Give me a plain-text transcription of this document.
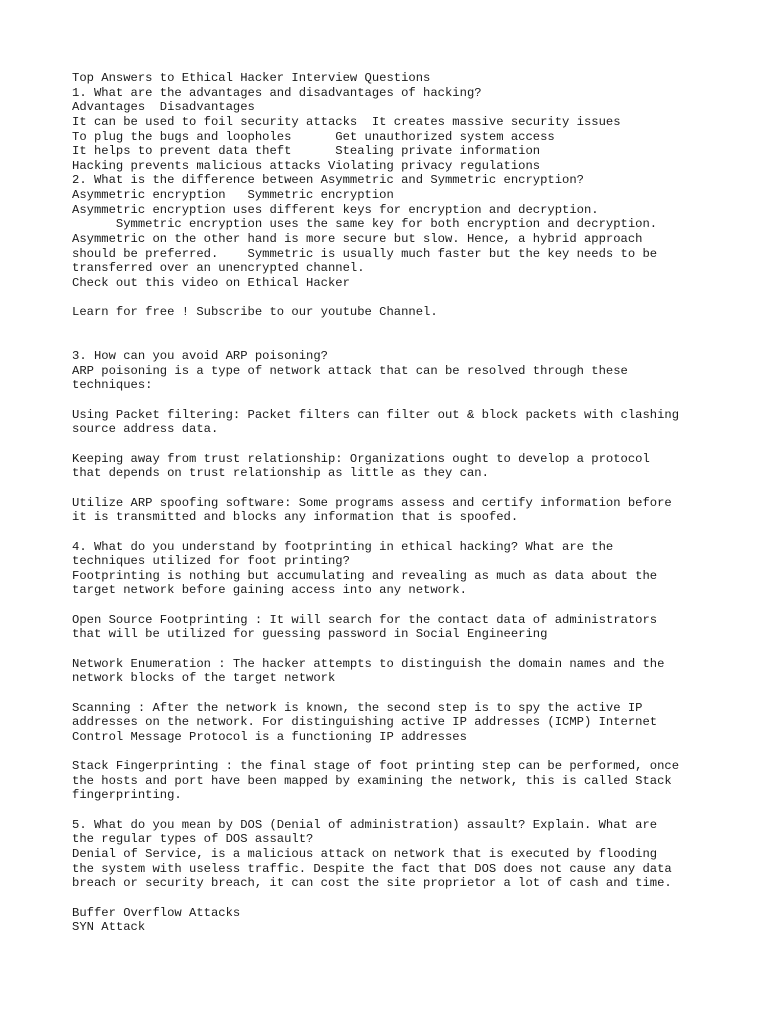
Top Answers to Ethical Hacker Interview Questions
1. What are the advantages and disadvantages of hacking?
Advantages  Disadvantages
It can be used to foil security attacks  It creates massive security issues
To plug the bugs and loopholes      Get unauthorized system access
It helps to prevent data theft      Stealing private information
Hacking prevents malicious attacks Violating privacy regulations
2. What is the difference between Asymmetric and Symmetric encryption?
Asymmetric encryption   Symmetric encryption
Asymmetric encryption uses different keys for encryption and decryption.
Symmetric encryption uses the same key for both encryption and decryption.
Asymmetric on the other hand is more secure but slow. Hence, a hybrid approach
should be preferred.    Symmetric is usually much faster but the key needs to be
transferred over an unencrypted channel.
Check out this video on Ethical Hacker
Learn for free ! Subscribe to our youtube Channel.
3. How can you avoid ARP poisoning?
ARP poisoning is a type of network attack that can be resolved through these
techniques:
Using Packet filtering: Packet filters can filter out & block packets with clashing
source address data.
Keeping away from trust relationship: Organizations ought to develop a protocol
that depends on trust relationship as little as they can.
Utilize ARP spoofing software: Some programs assess and certify information before
it is transmitted and blocks any information that is spoofed.
4. What do you understand by footprinting in ethical hacking? What are the
techniques utilized for foot printing?
Footprinting is nothing but accumulating and revealing as much as data about the
target network before gaining access into any network.
Open Source Footprinting : It will search for the contact data of administrators
that will be utilized for guessing password in Social Engineering
Network Enumeration : The hacker attempts to distinguish the domain names and the
network blocks of the target network
Scanning : After the network is known, the second step is to spy the active IP
addresses on the network. For distinguishing active IP addresses (ICMP) Internet
Control Message Protocol is a functioning IP addresses
Stack Fingerprinting : the final stage of foot printing step can be performed, once
the hosts and port have been mapped by examining the network, this is called Stack
fingerprinting.
5. What do you mean by DOS (Denial of administration) assault? Explain. What are
the regular types of DOS assault?
Denial of Service, is a malicious attack on network that is executed by flooding
the system with useless traffic. Despite the fact that DOS does not cause any data
breach or security breach, it can cost the site proprietor a lot of cash and time.
Buffer Overflow Attacks
SYN Attack
